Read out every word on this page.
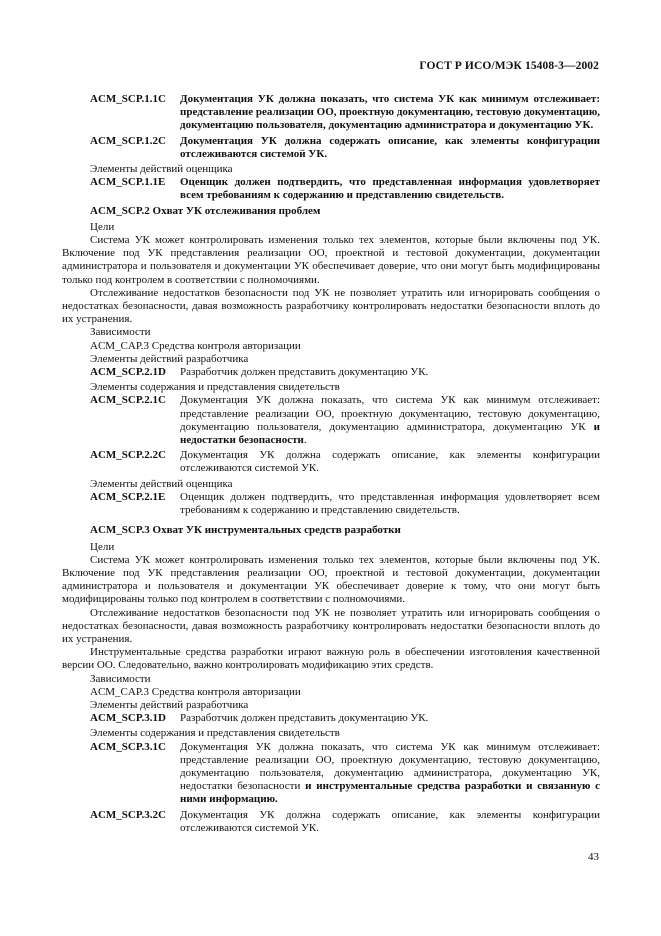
ГОСТ Р ИСО/МЭК 15408-3—2002
ACM_SCP.1.1C	Документация УК должна показать, что система УК как минимум отслеживает: представление реализации ОО, проектную документацию, тестовую документацию, документацию пользователя, документацию администратора и документацию УК.
ACM_SCP.1.2C	Документация УК должна содержать описание, как элементы конфигурации отслеживаются системой УК.

Элементы действий оценщика

ACM_SCP.1.1E	Оценщик должен подтвердить, что представленная информация удовлетворяет всем требованиям к содержанию и представлению свидетельств.
ACM_SCP.2 Охват УК отслеживания проблем

Цели

Система УК может контролировать изменения только тех элементов, которые были включены под УК. Включение под УК представления реализации ОО, проектной и тестовой документации, документации администратора и пользователя и документации УК обеспечивает доверие, что они могут быть модифицированы только под контролем в соответствии с полномочиями.

Отслеживание недостатков безопасности под УК не позволяет утратить или игнорировать сообщения о недостатках безопасности, давая возможность разработчику контролировать недостатки безопасности вплоть до их устранения.

Зависимости

ACM_CAP.3 Средства контроля авторизации

Элементы действий разработчика

ACM_SCP.2.1D	Разработчик должен представить документацию УК.

Элементы содержания и представления свидетельств

ACM_SCP.2.1C	Документация УК должна показать, что система УК как минимум отслеживает: представление реализации ОО, проектную документацию, тестовую документацию, документацию пользователя, документацию администратора, документацию УК и недостатки безопасности.
ACM_SCP.2.2C	Документация УК должна содержать описание, как элементы конфигурации отслеживаются системой УК.

Элементы действий оценщика

ACM_SCP.2.1E	Оценщик должен подтвердить, что представленная информация удовлетворяет всем требованиям к содержанию и представлению свидетельств.
ACM_SCP.3 Охват УК инструментальных средств разработки

Цели

Система УК может контролировать изменения только тех элементов, которые были включены под УК. Включение под УК представления реализации ОО, проектной и тестовой документации, документации администратора и пользователя и документации УК обеспечивает доверие к тому, что они могут быть модифицированы только под контролем в соответствии с полномочиями.

Отслеживание недостатков безопасности под УК не позволяет утратить или игнорировать сообщения о недостатках безопасности, давая возможность разработчику контролировать недостатки безопасности вплоть до их устранения.

Инструментальные средства разработки играют важную роль в обеспечении изготовления качественной версии ОО. Следовательно, важно контролировать модификацию этих средств.

Зависимости

ACM_CAP.3 Средства контроля авторизации

Элементы действий разработчика

ACM_SCP.3.1D	Разработчик должен представить документацию УК.

Элементы содержания и представления свидетельств

ACM_SCP.3.1C	Документация УК должна показать, что система УК как минимум отслеживает: представление реализации ОО, проектную документацию, тестовую документацию, документацию пользователя, документацию администратора, документацию УК, недостатки безопасности и инструментальные средства разработки и связанную с ними информацию.
ACM_SCP.3.2C	Документация УК должна содержать описание, как элементы конфигурации отслеживаются системой УК.
43
